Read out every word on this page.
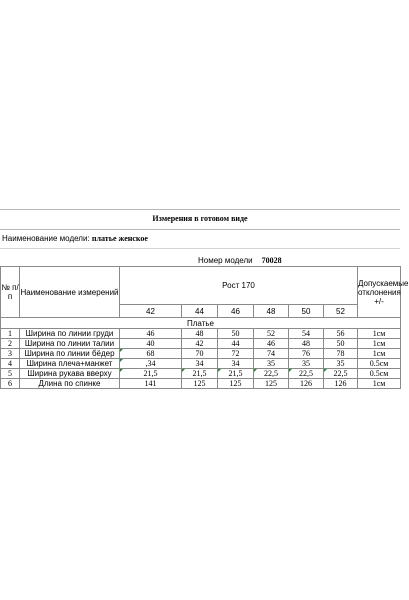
Измерения в готовом виде
Наименование модели: платье женское
Номер модели 70028
№ п/п	Наименование измерений	Рост 170						Допускаемые отклонения +/-
		42	44	46	48	50	52	
Платье								
1	Ширина по линии груди	46	48	50	52	54	56	1см
2	Ширина по линии талии	40	42	44	46	48	50	1см
3	Ширина по линии бёдер	68	70	72	74	76	78	1см
4	Ширина плеча+манжет	,34	34	34	35	35	35	0.5см
5	Ширина рукава вверху	21,5	21,5	21,5	22,5	22,5	22,5	0.5см
6	Длина по спинке	141	125	125	125	126	126	1см
